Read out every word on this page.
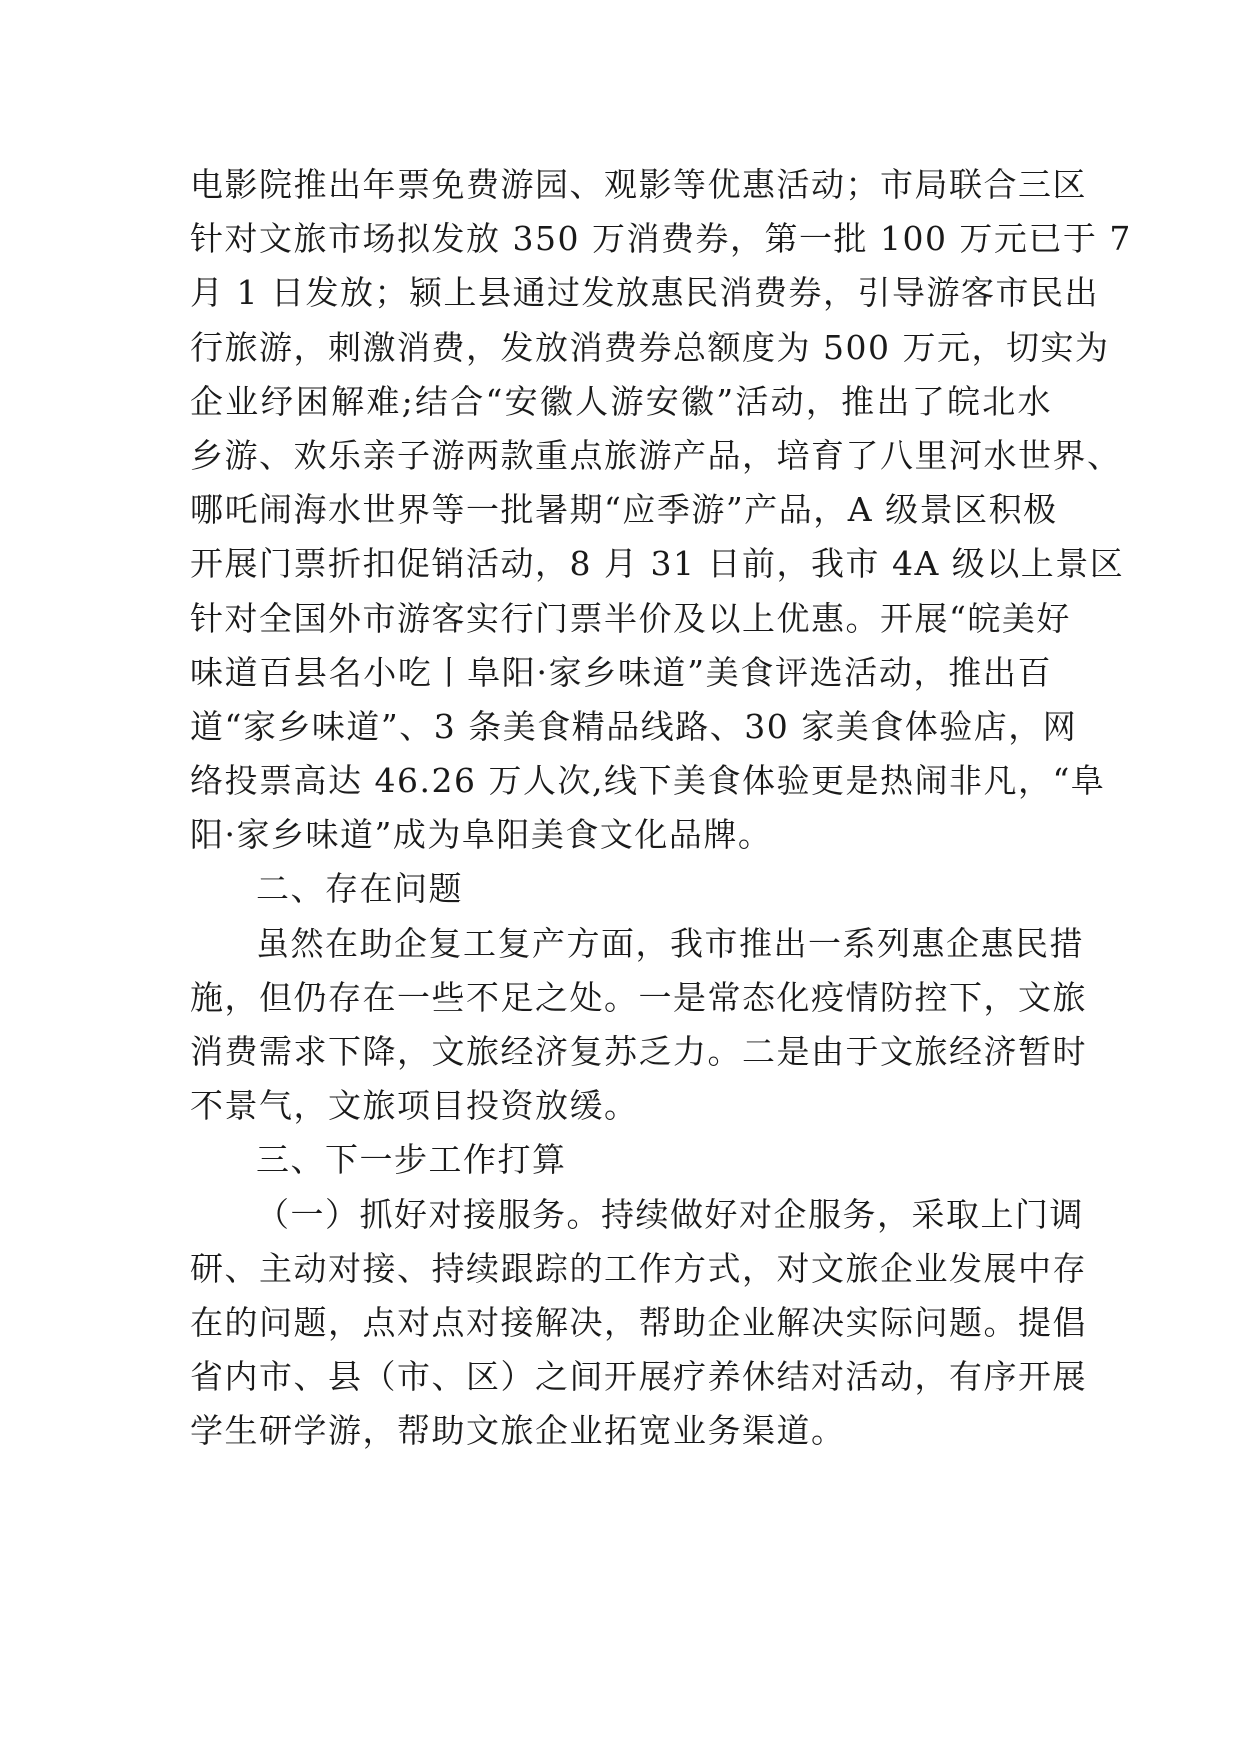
电影院推出年票免费游园、观影等优惠活动；市局联合三区
针对文旅市场拟发放 350 万消费券，第一批 100 万元已于 7
月 1 日发放；颍上县通过发放惠民消费券，引导游客市民出
行旅游，刺激消费，发放消费券总额度为 500 万元，切实为
企业纾困解难;结合“安徽人游安徽”活动，推出了皖北水
乡游、欢乐亲子游两款重点旅游产品，培育了八里河水世界、
哪吒闹海水世界等一批暑期“应季游”产品，A 级景区积极
开展门票折扣促销活动，8 月 31 日前，我市 4A 级以上景区
针对全国外市游客实行门票半价及以上优惠。开展“皖美好
味道百县名小吃丨阜阳·家乡味道”美食评选活动，推出百
道“家乡味道”、3 条美食精品线路、30 家美食体验店，网
络投票高达 46.26 万人次,线下美食体验更是热闹非凡，“阜
阳·家乡味道”成为阜阳美食文化品牌。
二、存在问题
虽然在助企复工复产方面，我市推出一系列惠企惠民措
施，但仍存在一些不足之处。一是常态化疫情防控下，文旅
消费需求下降，文旅经济复苏乏力。二是由于文旅经济暂时
不景气，文旅项目投资放缓。
三、下一步工作打算
（一）抓好对接服务。持续做好对企服务，采取上门调
研、主动对接、持续跟踪的工作方式，对文旅企业发展中存
在的问题，点对点对接解决，帮助企业解决实际问题。提倡
省内市、县（市、区）之间开展疗养休结对活动，有序开展
学生研学游，帮助文旅企业拓宽业务渠道。
